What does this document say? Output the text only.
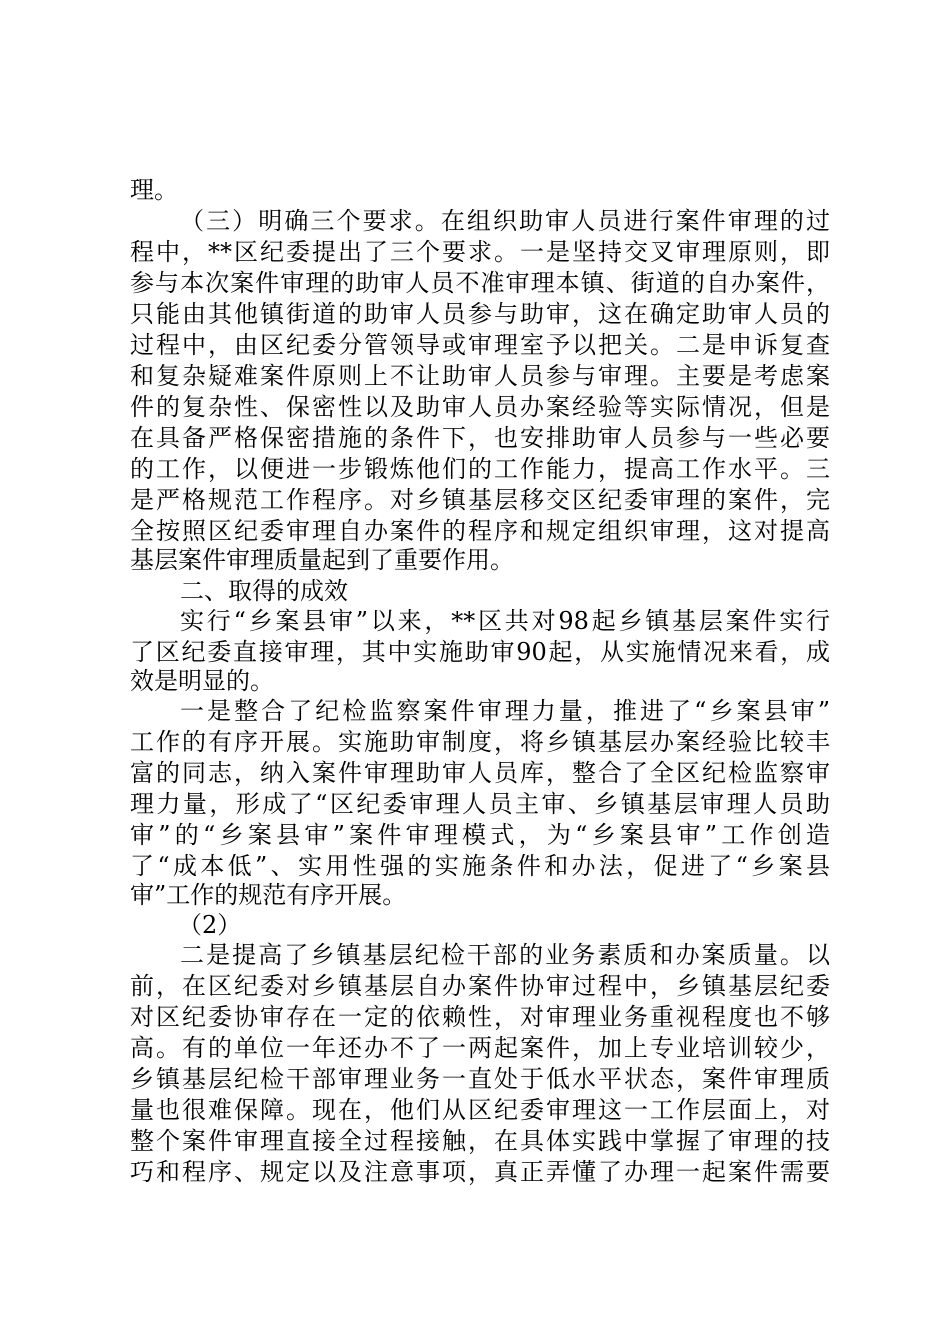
理。
（三）明确三个要求。在组织助审人员进行案件审理的过
程中，**区纪委提出了三个要求。一是坚持交叉审理原则，即
参与本次案件审理的助审人员不准审理本镇、街道的自办案件，
只能由其他镇街道的助审人员参与助审，这在确定助审人员的
过程中，由区纪委分管领导或审理室予以把关。二是申诉复查
和复杂疑难案件原则上不让助审人员参与审理。主要是考虑案
件的复杂性、保密性以及助审人员办案经验等实际情况，但是
在具备严格保密措施的条件下，也安排助审人员参与一些必要
的工作，以便进一步锻炼他们的工作能力，提高工作水平。三
是严格规范工作程序。对乡镇基层移交区纪委审理的案件，完
全按照区纪委审理自办案件的程序和规定组织审理，这对提高
基层案件审理质量起到了重要作用。
二、取得的成效
实行“乡案县审”以来，**区共对98起乡镇基层案件实行
了区纪委直接审理，其中实施助审90起，从实施情况来看，成
效是明显的。
一是整合了纪检监察案件审理力量，推进了“乡案县审”
工作的有序开展。实施助审制度，将乡镇基层办案经验比较丰
富的同志，纳入案件审理助审人员库，整合了全区纪检监察审
理力量，形成了“区纪委审理人员主审、乡镇基层审理人员助
审”的“乡案县审”案件审理模式，为“乡案县审”工作创造
了“成本低”、实用性强的实施条件和办法，促进了“乡案县
审”工作的规范有序开展。
（2）
二是提高了乡镇基层纪检干部的业务素质和办案质量。以
前，在区纪委对乡镇基层自办案件协审过程中，乡镇基层纪委
对区纪委协审存在一定的依赖性，对审理业务重视程度也不够
高。有的单位一年还办不了一两起案件，加上专业培训较少，
乡镇基层纪检干部审理业务一直处于低水平状态，案件审理质
量也很难保障。现在，他们从区纪委审理这一工作层面上，对
整个案件审理直接全过程接触，在具体实践中掌握了审理的技
巧和程序、规定以及注意事项，真正弄懂了办理一起案件需要
